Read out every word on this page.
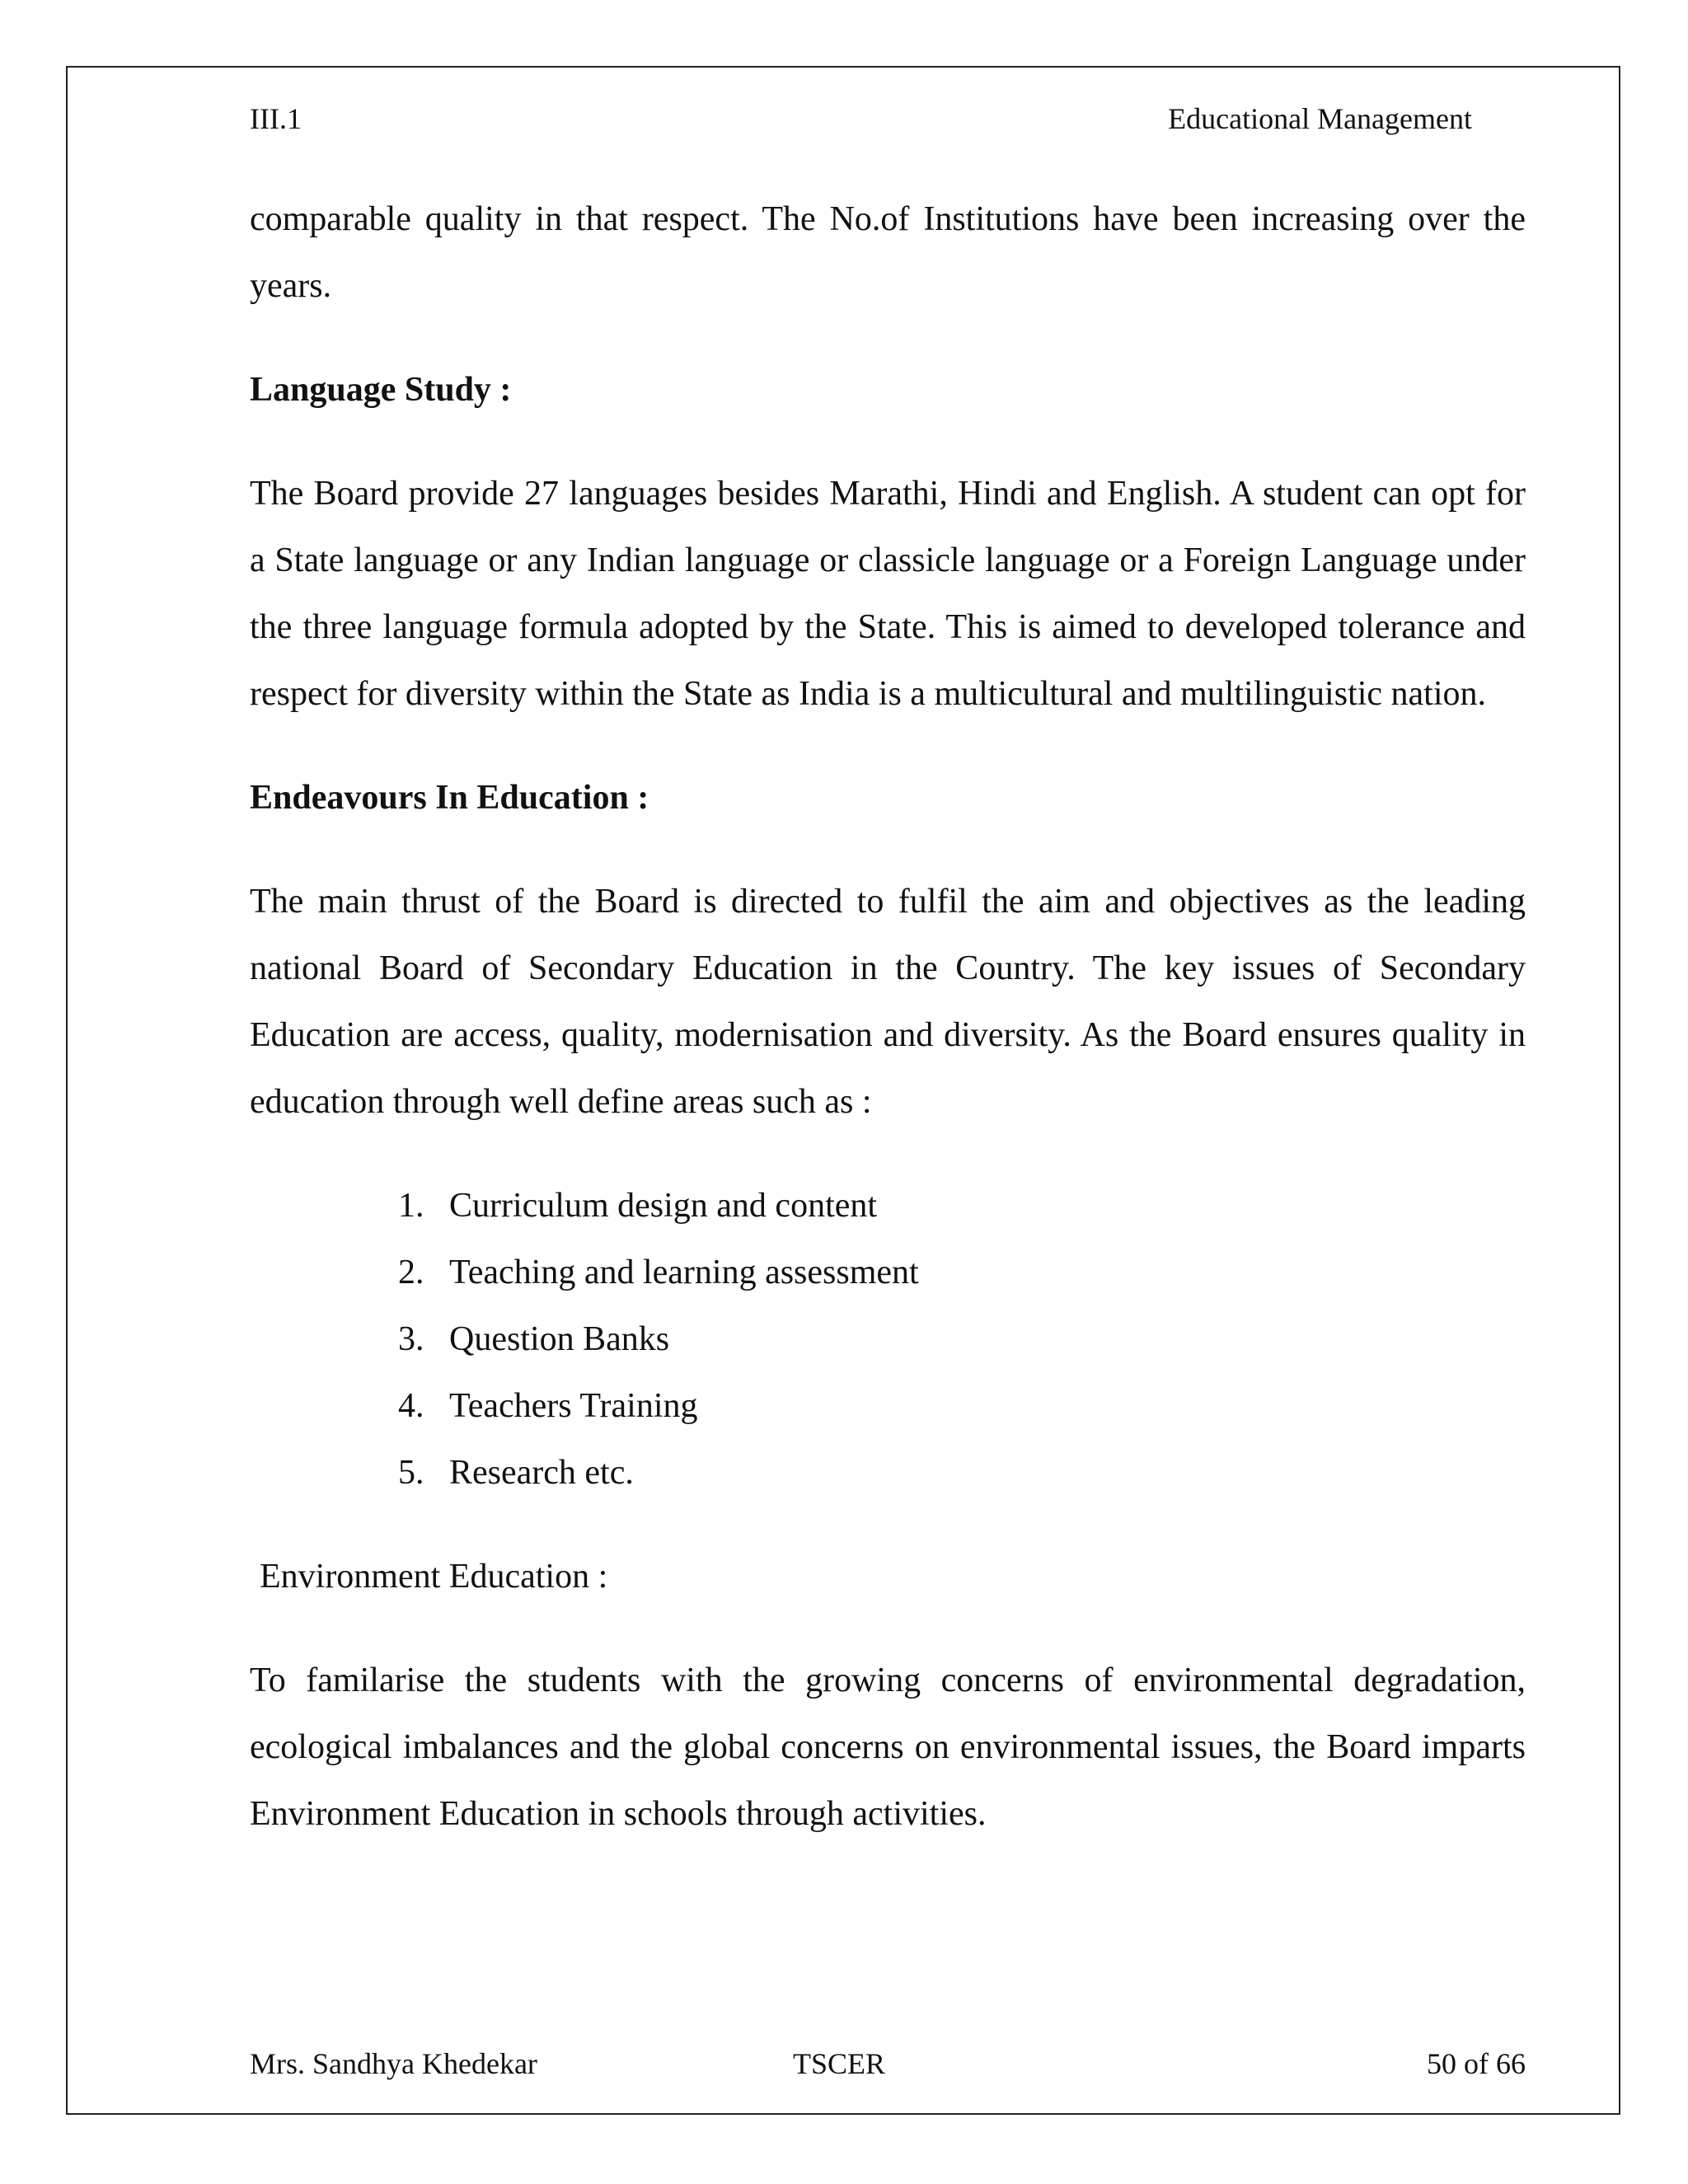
III.1	Educational Management

comparable quality in that respect. The No.of Institutions have been increasing over the years.

Language Study :

The Board provide 27 languages besides Marathi, Hindi and English. A student can opt for a State language or any Indian language or classicle language or a Foreign Language under the three language formula adopted by the State. This is aimed to developed tolerance and respect for diversity within the State as India is a multicultural and multilinguistic nation.

Endeavours In Education :

The main thrust of the Board is directed to fulfil the aim and objectives as the leading national Board of Secondary Education in the Country. The key issues of Secondary Education are access, quality, modernisation and diversity. As the Board ensures quality in education through well define areas such as :

1. Curriculum design and content
2. Teaching and learning assessment
3. Question Banks
4. Teachers Training
5. Research etc.

Environment Education :

To familarise the students with the growing concerns of environmental degradation, ecological imbalances and the global concerns on environmental issues, the Board imparts Environment Education in schools through activities.

Mrs. Sandhya Khedekar	TSCER	50 of 66
